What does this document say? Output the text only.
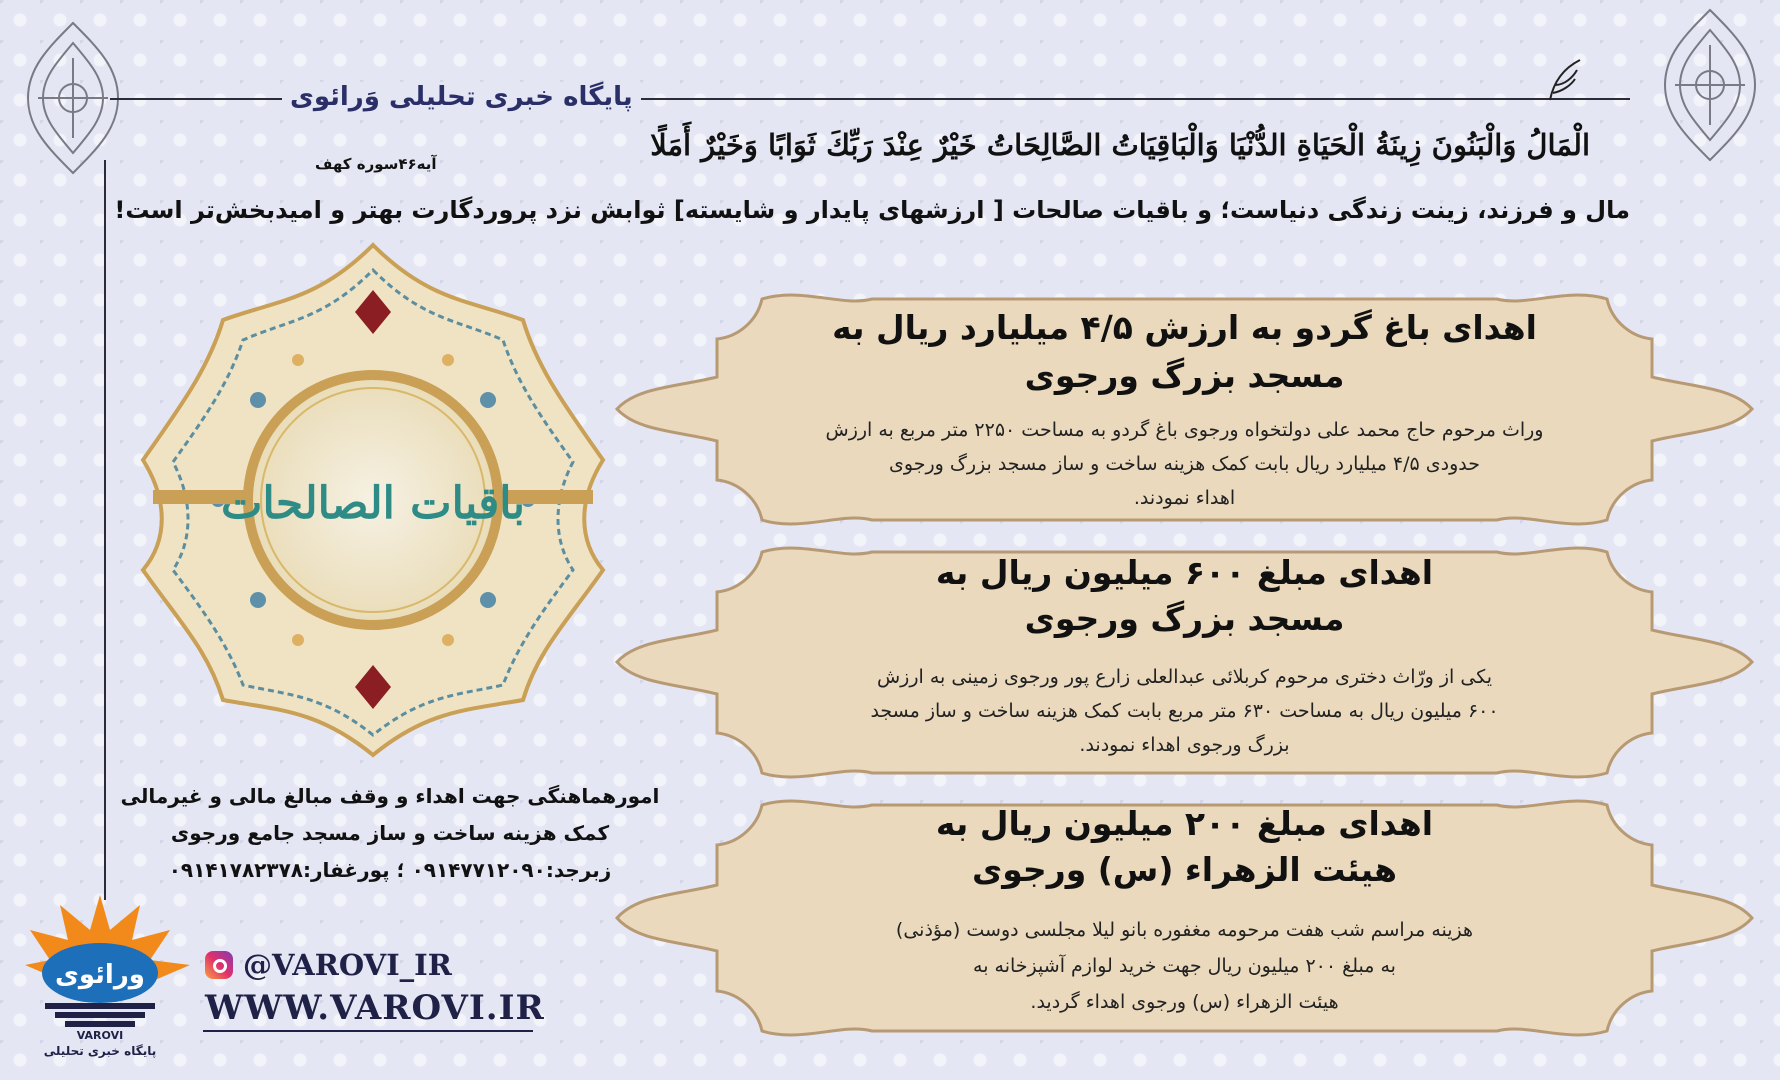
پایگاه خبری تحلیلی وَرائوی
الْمَالُ وَالْبَنُونَ زِينَةُ الْحَيَاةِ الدُّنْيَا وَالْبَاقِيَاتُ الصَّالِحَاتُ خَيْرٌ عِنْدَ رَبِّكَ ثَوَابًا وَخَيْرٌ أَمَلًا
آیه۴۶سوره کهف
مال و فرزند، زینت زندگی دنیاست؛ و باقیات صالحات [ ارزشهای پایدار و شایسته] ثوابش نزد پروردگارت بهتر و امیدبخش‌تر است!
باقیات الصالحات
اهدای باغ گردو به ارزش ۴/۵ میلیارد ریال به
مسجد بزرگ ورجوی
وراث مرحوم حاج محمد علی دولتخواه ورجوی باغ گردو به مساحت ۲۲۵۰ متر مربع به ارزش
حدودی ۴/۵ میلیارد ریال بابت کمک هزینه ساخت و ساز مسجد بزرگ ورجوی
اهداء نمودند.
اهدای مبلغ ۶۰۰ میلیون ریال به
مسجد بزرگ ورجوی
یکی از ورّاث دختری مرحوم کربلائی عبدالعلی زارع پور ورجوی زمینی به ارزش
۶۰۰ میلیون ریال به مساحت ۶۳۰ متر مربع بابت کمک هزینه ساخت و ساز مسجد
بزرگ ورجوی اهداء نمودند.
اهدای مبلغ ۲۰۰ میلیون ریال به
هیئت الزهراء (س) ورجوی
هزینه مراسم شب هفت مرحومه مغفوره بانو لیلا مجلسی دوست (مؤذنی)
به مبلغ ۲۰۰ میلیون ریال جهت خرید لوازم آشپزخانه به
هیئت الزهراء (س) ورجوی اهداء گردید.
امورهماهنگی جهت اهداء و وقف مبالغ مالی و غیرمالی
کمک هزینه ساخت و ساز مسجد جامع ورجوی
زبرجد:۰۹۱۴۷۷۱۲۰۹۰ ؛ پورغفار:۰۹۱۴۱۷۸۲۳۷۸
ورائوی
VAROVI
پایگاه خبری تحلیلی
@VAROVI_IR
WWW.VAROVI.IR
